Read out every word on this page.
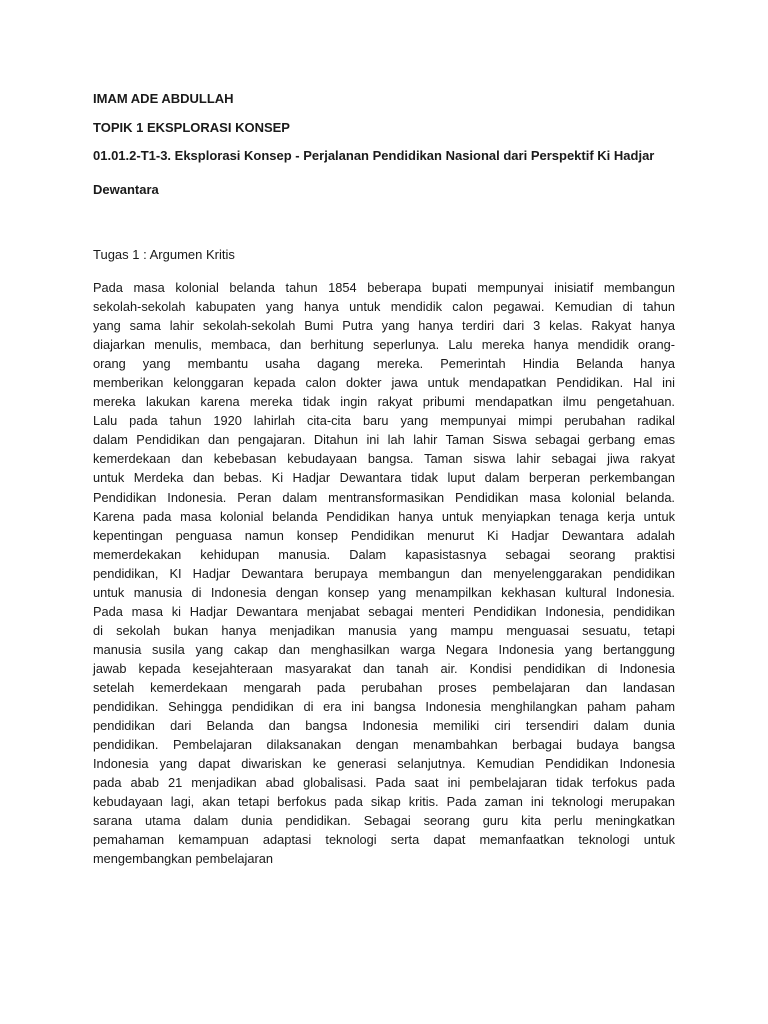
IMAM ADE ABDULLAH

TOPIK 1 EKSPLORASI KONSEP

01.01.2-T1-3. Eksplorasi Konsep - Perjalanan Pendidikan Nasional dari Perspektif Ki Hadjar

Dewantara

Tugas 1 : Argumen Kritis

Pada masa kolonial belanda tahun 1854 beberapa bupati mempunyai inisiatif membangun
sekolah-sekolah kabupaten yang hanya untuk mendidik calon pegawai. Kemudian di tahun
yang sama lahir sekolah-sekolah Bumi Putra yang hanya terdiri dari 3 kelas. Rakyat hanya
diajarkan menulis, membaca, dan berhitung seperlunya. Lalu mereka hanya mendidik orang-
orang yang membantu usaha dagang mereka. Pemerintah Hindia Belanda hanya
memberikan kelonggaran kepada calon dokter jawa untuk mendapatkan Pendidikan. Hal ini
mereka lakukan karena mereka tidak ingin rakyat pribumi mendapatkan ilmu pengetahuan.
Lalu pada tahun 1920 lahirlah cita-cita baru yang mempunyai mimpi perubahan radikal
dalam Pendidikan dan pengajaran. Ditahun ini lah lahir Taman Siswa sebagai gerbang emas
kemerdekaan dan kebebasan kebudayaan bangsa. Taman siswa lahir sebagai jiwa rakyat
untuk Merdeka dan bebas. Ki Hadjar Dewantara tidak luput dalam berperan perkembangan
Pendidikan Indonesia. Peran dalam mentransformasikan Pendidikan masa kolonial belanda.
Karena pada masa kolonial belanda Pendidikan hanya untuk menyiapkan tenaga kerja untuk
kepentingan penguasa namun konsep Pendidikan menurut Ki Hadjar Dewantara adalah
memerdekakan kehidupan manusia. Dalam kapasistasnya sebagai seorang praktisi
pendidikan, KI Hadjar Dewantara berupaya membangun dan menyelenggarakan pendidikan
untuk manusia di Indonesia dengan konsep yang menampilkan kekhasan kultural Indonesia.
Pada masa ki Hadjar Dewantara menjabat sebagai menteri Pendidikan Indonesia, pendidikan
di sekolah bukan hanya menjadikan manusia yang mampu menguasai sesuatu, tetapi
manusia susila yang cakap dan menghasilkan warga Negara Indonesia yang bertanggung
jawab kepada kesejahteraan masyarakat dan tanah air. Kondisi pendidikan di Indonesia
setelah kemerdekaan mengarah pada perubahan proses pembelajaran dan landasan
pendidikan. Sehingga pendidikan di era ini bangsa Indonesia menghilangkan paham paham
pendidikan dari Belanda dan bangsa Indonesia memiliki ciri tersendiri dalam dunia
pendidikan. Pembelajaran dilaksanakan dengan menambahkan berbagai budaya bangsa
Indonesia yang dapat diwariskan ke generasi selanjutnya. Kemudian Pendidikan Indonesia
pada abab 21 menjadikan abad globalisasi. Pada saat ini pembelajaran tidak terfokus pada
kebudayaan lagi, akan tetapi berfokus pada sikap kritis. Pada zaman ini teknologi merupakan
sarana utama dalam dunia pendidikan. Sebagai seorang guru kita perlu meningkatkan
pemahaman kemampuan adaptasi teknologi serta dapat memanfaatkan teknologi untuk
mengembangkan pembelajaran
